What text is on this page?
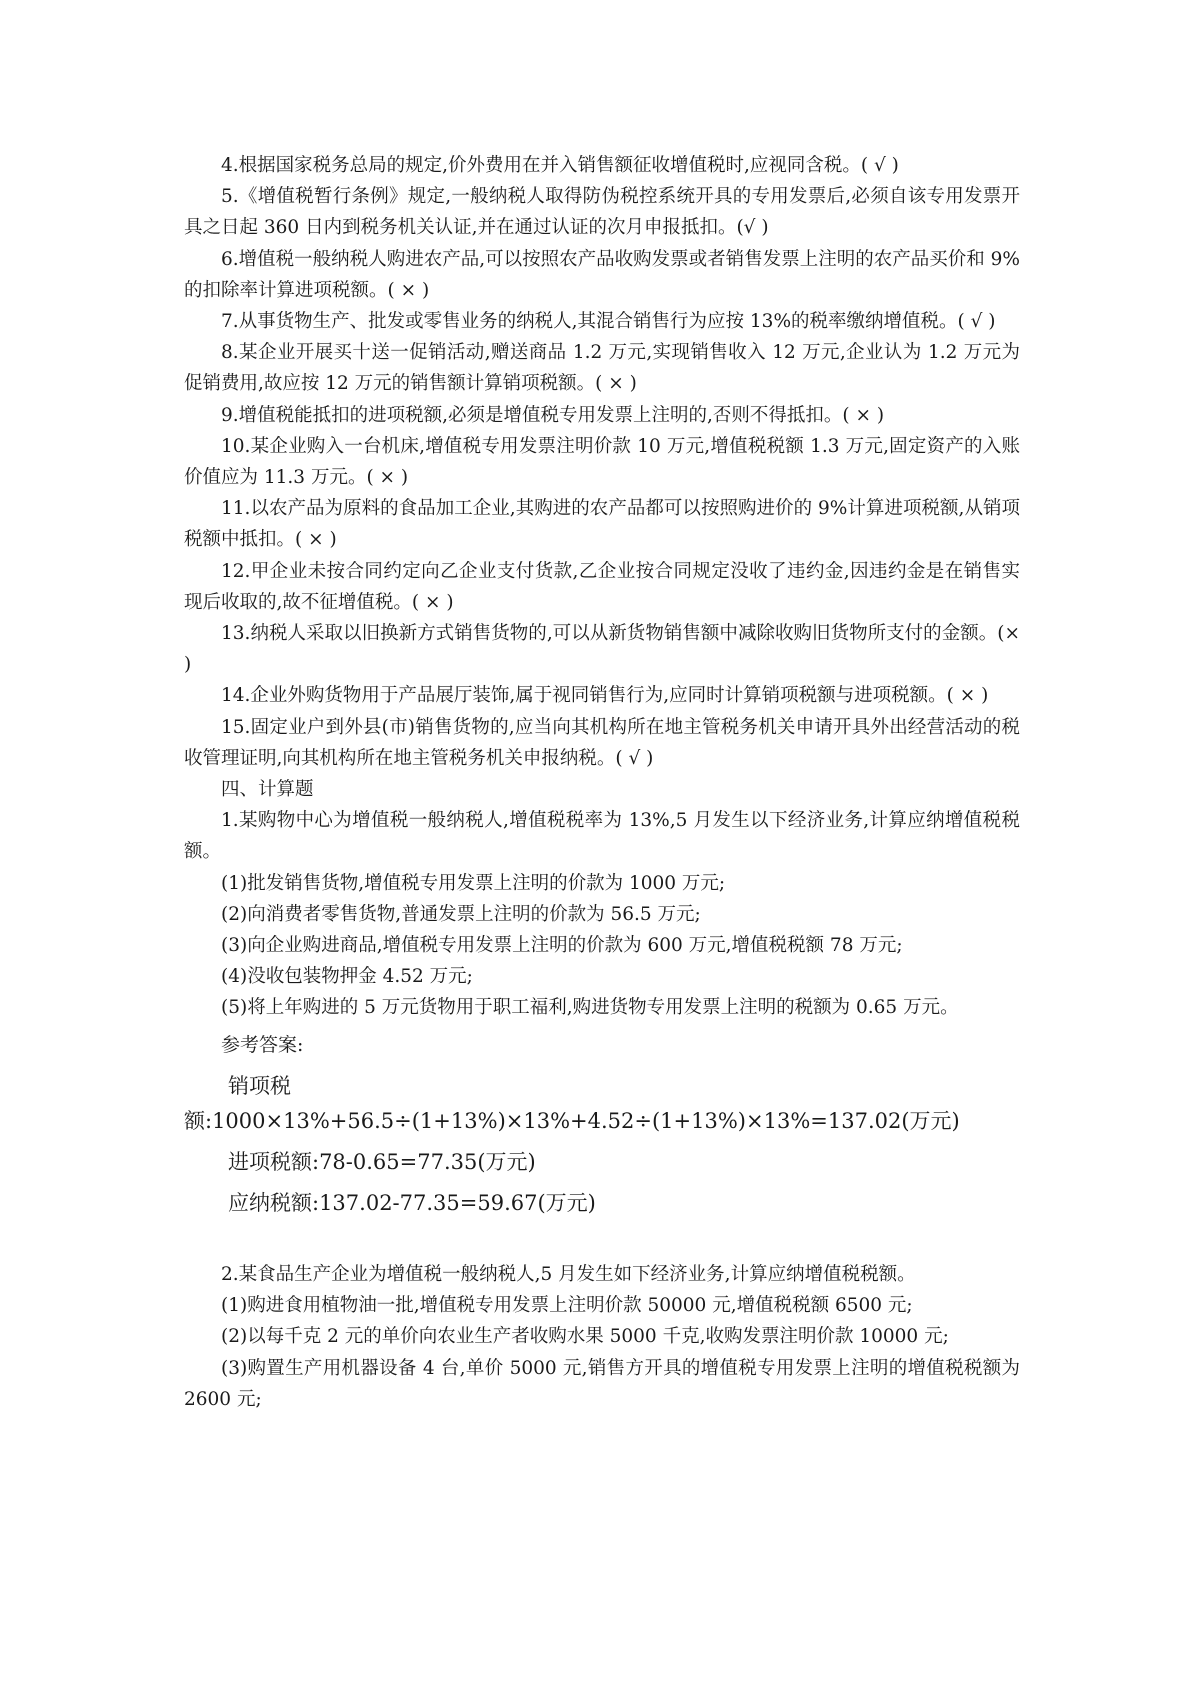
4.根据国家税务总局的规定,价外费用在并入销售额征收增值税时,应视同含税。( √ )

5.《增值税暂行条例》规定,一般纳税人取得防伪税控系统开具的专用发票后,必须自该专用发票开具之日起 360 日内到税务机关认证,并在通过认证的次月申报抵扣。(√ )

6.增值税一般纳税人购进农产品,可以按照农产品收购发票或者销售发票上注明的农产品买价和 9%的扣除率计算进项税额。( × )

7.从事货物生产、批发或零售业务的纳税人,其混合销售行为应按 13%的税率缴纳增值税。( √ )

8.某企业开展买十送一促销活动,赠送商品 1.2 万元,实现销售收入 12 万元,企业认为 1.2 万元为促销费用,故应按 12 万元的销售额计算销项税额。( × )

9.增值税能抵扣的进项税额,必须是增值税专用发票上注明的,否则不得抵扣。( × )

10.某企业购入一台机床,增值税专用发票注明价款 10 万元,增值税税额 1.3 万元,固定资产的入账价值应为 11.3 万元。( × )

11.以农产品为原料的食品加工企业,其购进的农产品都可以按照购进价的 9%计算进项税额,从销项税额中抵扣。( × )

12.甲企业未按合同约定向乙企业支付货款,乙企业按合同规定没收了违约金,因违约金是在销售实现后收取的,故不征增值税。( × )

13.纳税人采取以旧换新方式销售货物的,可以从新货物销售额中减除收购旧货物所支付的金额。(× )

14.企业外购货物用于产品展厅装饰,属于视同销售行为,应同时计算销项税额与进项税额。( × )

15.固定业户到外县(市)销售货物的,应当向其机构所在地主管税务机关申请开具外出经营活动的税收管理证明,向其机构所在地主管税务机关申报纳税。( √ )

四、计算题

1.某购物中心为增值税一般纳税人,增值税税率为 13%,5 月发生以下经济业务,计算应纳增值税税额。

(1)批发销售货物,增值税专用发票上注明的价款为 1000 万元;

(2)向消费者零售货物,普通发票上注明的价款为 56.5 万元;

(3)向企业购进商品,增值税专用发票上注明的价款为 600 万元,增值税税额 78 万元;

(4)没收包装物押金 4.52 万元;

(5)将上年购进的 5 万元货物用于职工福利,购进货物专用发票上注明的税额为 0.65 万元。

参考答案:

销项税额:1000×13%+56.5÷(1+13%)×13%+4.52÷(1+13%)×13%=137.02(万元)

进项税额:78-0.65=77.35(万元)

应纳税额:137.02-77.35=59.67(万元)

2.某食品生产企业为增值税一般纳税人,5 月发生如下经济业务,计算应纳增值税税额。

(1)购进食用植物油一批,增值税专用发票上注明价款 50000 元,增值税税额 6500 元;

(2)以每千克 2 元的单价向农业生产者收购水果 5000 千克,收购发票注明价款 10000 元;

(3)购置生产用机器设备 4 台,单价 5000 元,销售方开具的增值税专用发票上注明的增值税税额为 2600 元;
